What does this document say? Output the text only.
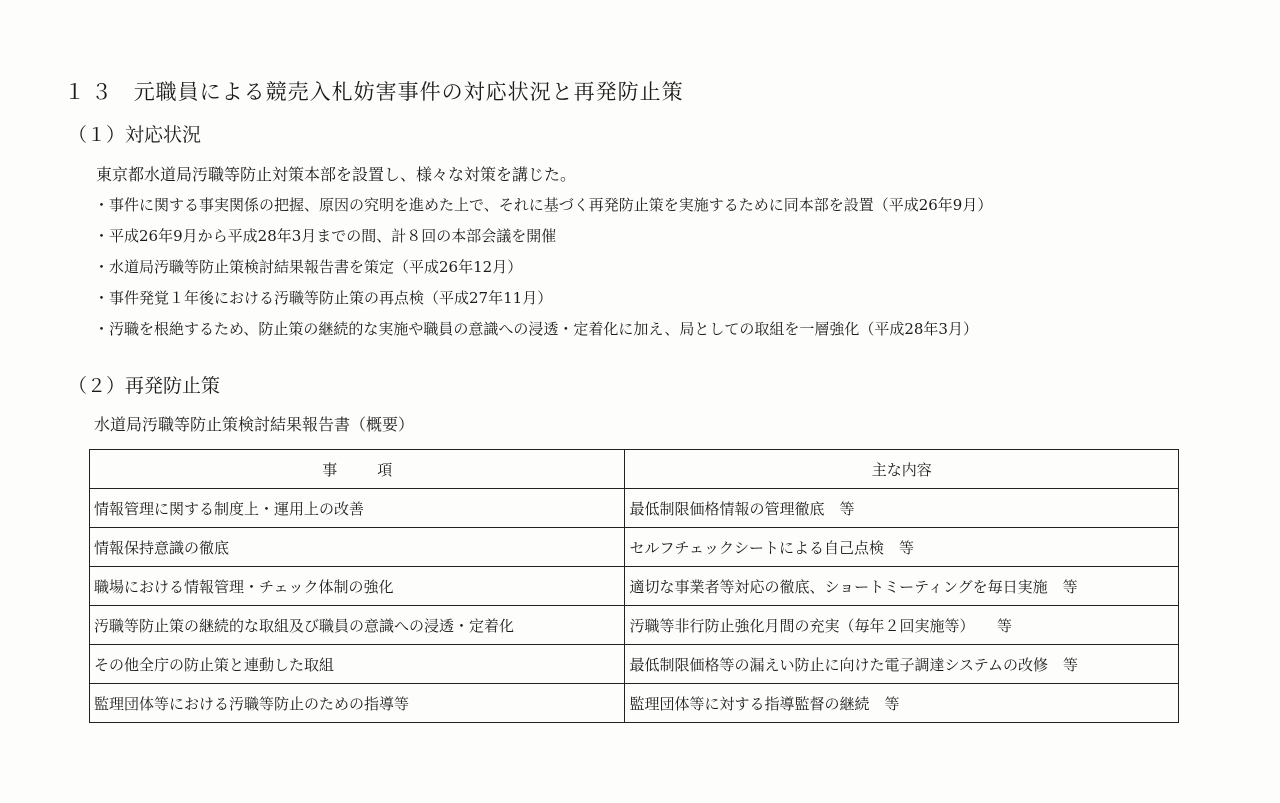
１３ 元職員による競売入札妨害事件の対応状況と再発防止策
（１）対応状況
東京都水道局汚職等防止対策本部を設置し、様々な対策を講じた。
・ 事件に関する事実関係の把握、原因の究明を進めた上で、それに基づく再発防止策を実施するために同本部を設置（平成26年9月）
・ 平成26年9月から平成28年3月までの間、計８回の本部会議を開催
・ 水道局汚職等防止策検討結果報告書を策定（平成26年12月）
・ 事件発覚１年後における汚職等防止策の再点検（平成27年11月）
・ 汚職を根絶するため、防止策の継続的な実施や職員の意識への浸透・定着化に加え、局としての取組を一層強化（平成28年3月）
（２）再発防止策
水道局汚職等防止策検討結果報告書（概要）
事項	主な内容
情報管理に関する制度上・運用上の改善	最低制限価格情報の管理徹底　等
情報保持意識の徹底	セルフチェックシートによる自己点検　等
職場における情報管理・チェック体制の強化	適切な事業者等対応の徹底、ショートミーティングを毎日実施　等
汚職等防止策の継続的な取組及び職員の意識への浸透・定着化	汚職等非行防止強化月間の充実（毎年２回実施等）　　等
その他全庁の防止策と連動した取組	最低制限価格等の漏えい防止に向けた電子調達システムの改修　等
監理団体等における汚職等防止のための指導等	監理団体等に対する指導監督の継続　等
